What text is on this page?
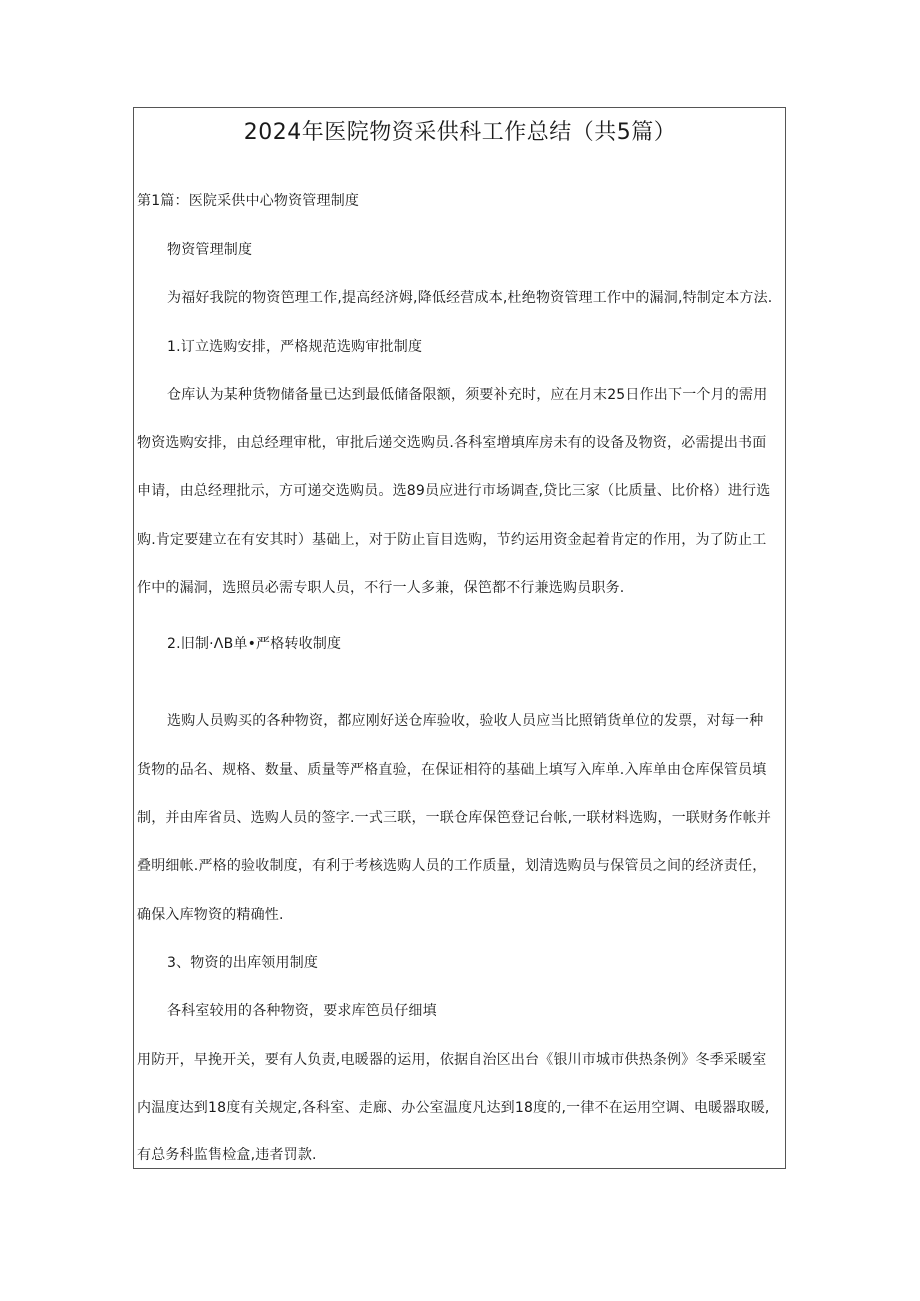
2024年医院物资采供科工作总结（共5篇）

第1篇：医院采供中心物资管理制度

物资管理制度

为福好我院的物资笆理工作,提高经济姆,降低经营成本,杜绝物资管理工作中的漏洞,特制定本方法.

1.订立选购安排，严格规范选购审批制度

仓库认为某种货物储备量已达到最低储备限额，须要补充时，应在月末25日作出下一个月的需用

物资选购安排，由总经理审枇，审批后递交选购员.各科室增填库房未有的设备及物资，必需提出书面

申请，由总经理批示，方可递交选购员。选89员应进行市场调查,贷比三家（比质量、比价格）进行选

购.肯定要建立在有安其时）基础上，对于防止盲目选购，节约运用资金起着肯定的作用，为了防止工

作中的漏洞，选照员必需专职人员，不行一人多兼，保笆都不行兼选购员职务.

2.旧制·ΛB单•严格转收制度

选购人员购买的各种物资，都应刚好送仓库验收，验收人员应当比照销货单位的发票，对每一种

货物的品名、规格、数量、质量等严格直验，在保证相符的基础上填写入库单.入库单由仓库保管员填

制，并由库省员、选购人员的签字.一式三联，一联仓库保笆登记台帐,一联材料选购，一联财务作帐并

叠明细帐.严格的验收制度，有利于考核选购人员的工作质量，划清选购员与保管员之间的经济责任，

确保入库物资的精确性.

3、物资的出库领用制度

各科室较用的各种物资，要求库笆员仔细填

用防开，早挽开关，要有人负责,电暖器的运用，依据自治区出台《银川市城市供热条例》冬季采暖室

内温度达到18度有关规定,各科室、走廊、办公室温度凡达到18度的,一律不在运用空调、电暖器取暖,

有总务科监售检盒,违者罚款.
